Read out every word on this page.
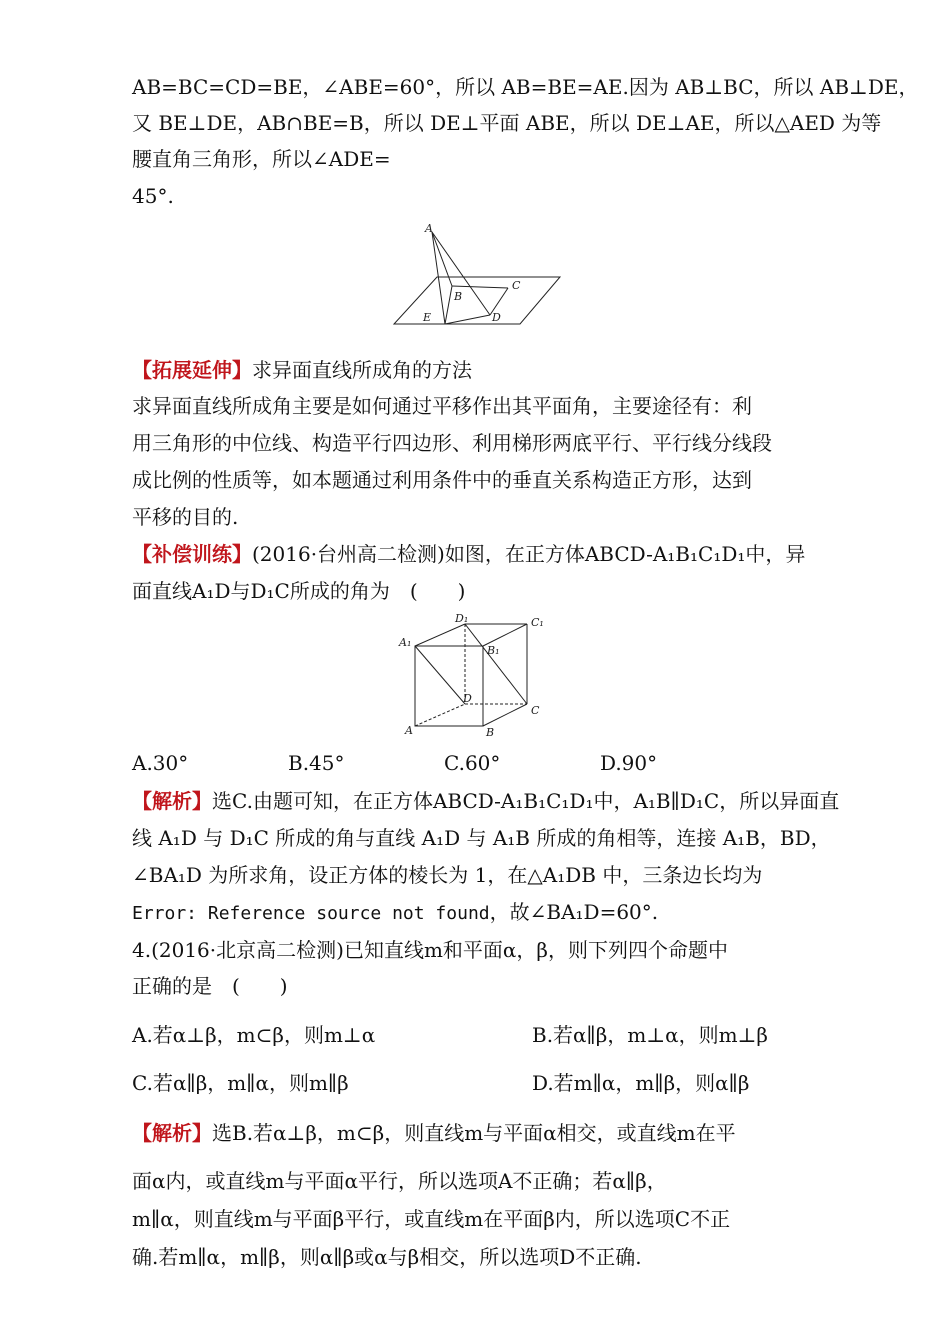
AB=BC=CD=BE，∠ABE=60°，所以 AB=BE=AE.因为 AB⊥BC，所以 AB⊥DE，
又 BE⊥DE，AB∩BE=B，所以 DE⊥平面 ABE，所以 DE⊥AE，所以△AED 为等
腰直角三角形，所以∠ADE=
45°.
A
B
C
D
E
【拓展延伸】求异面直线所成角的方法
求异面直线所成角主要是如何通过平移作出其平面角，主要途径有：利
用三角形的中位线、构造平行四边形、利用梯形两底平行、平行线分线段
成比例的性质等，如本题通过利用条件中的垂直关系构造正方形，达到
平移的目的.
【补偿训练】(2016·台州高二检测)如图，在正方体ABCD-A₁B₁C₁D₁中，异
面直线A₁D与D₁C所成的角为　(　　)
D₁	C₁
A₁
B₁
D
C
A	B
A.30°	B.45°	C.60°	D.90°
【解析】选C.由题可知，在正方体ABCD-A₁B₁C₁D₁中，A₁B∥D₁C，所以异面直
线 A₁D 与 D₁C 所成的角与直线 A₁D 与 A₁B 所成的角相等，连接 A₁B，BD，
∠BA₁D 为所求角，设正方体的棱长为 1，在△A₁DB 中，三条边长均为
Error: Reference source not found，故∠BA₁D=60°.
4.(2016·北京高二检测)已知直线m和平面α，β，则下列四个命题中
正确的是　(　　)
A.若α⊥β，m⊂β，则m⊥α	B.若α∥β，m⊥α，则m⊥β
C.若α∥β，m∥α，则m∥β	D.若m∥α，m∥β，则α∥β
【解析】选B.若α⊥β，m⊂β，则直线m与平面α相交，或直线m在平
面α内，或直线m与平面α平行，所以选项A不正确；若α∥β，
m∥α，则直线m与平面β平行，或直线m在平面β内，所以选项C不正
确.若m∥α，m∥β，则α∥β或α与β相交，所以选项D不正确.
